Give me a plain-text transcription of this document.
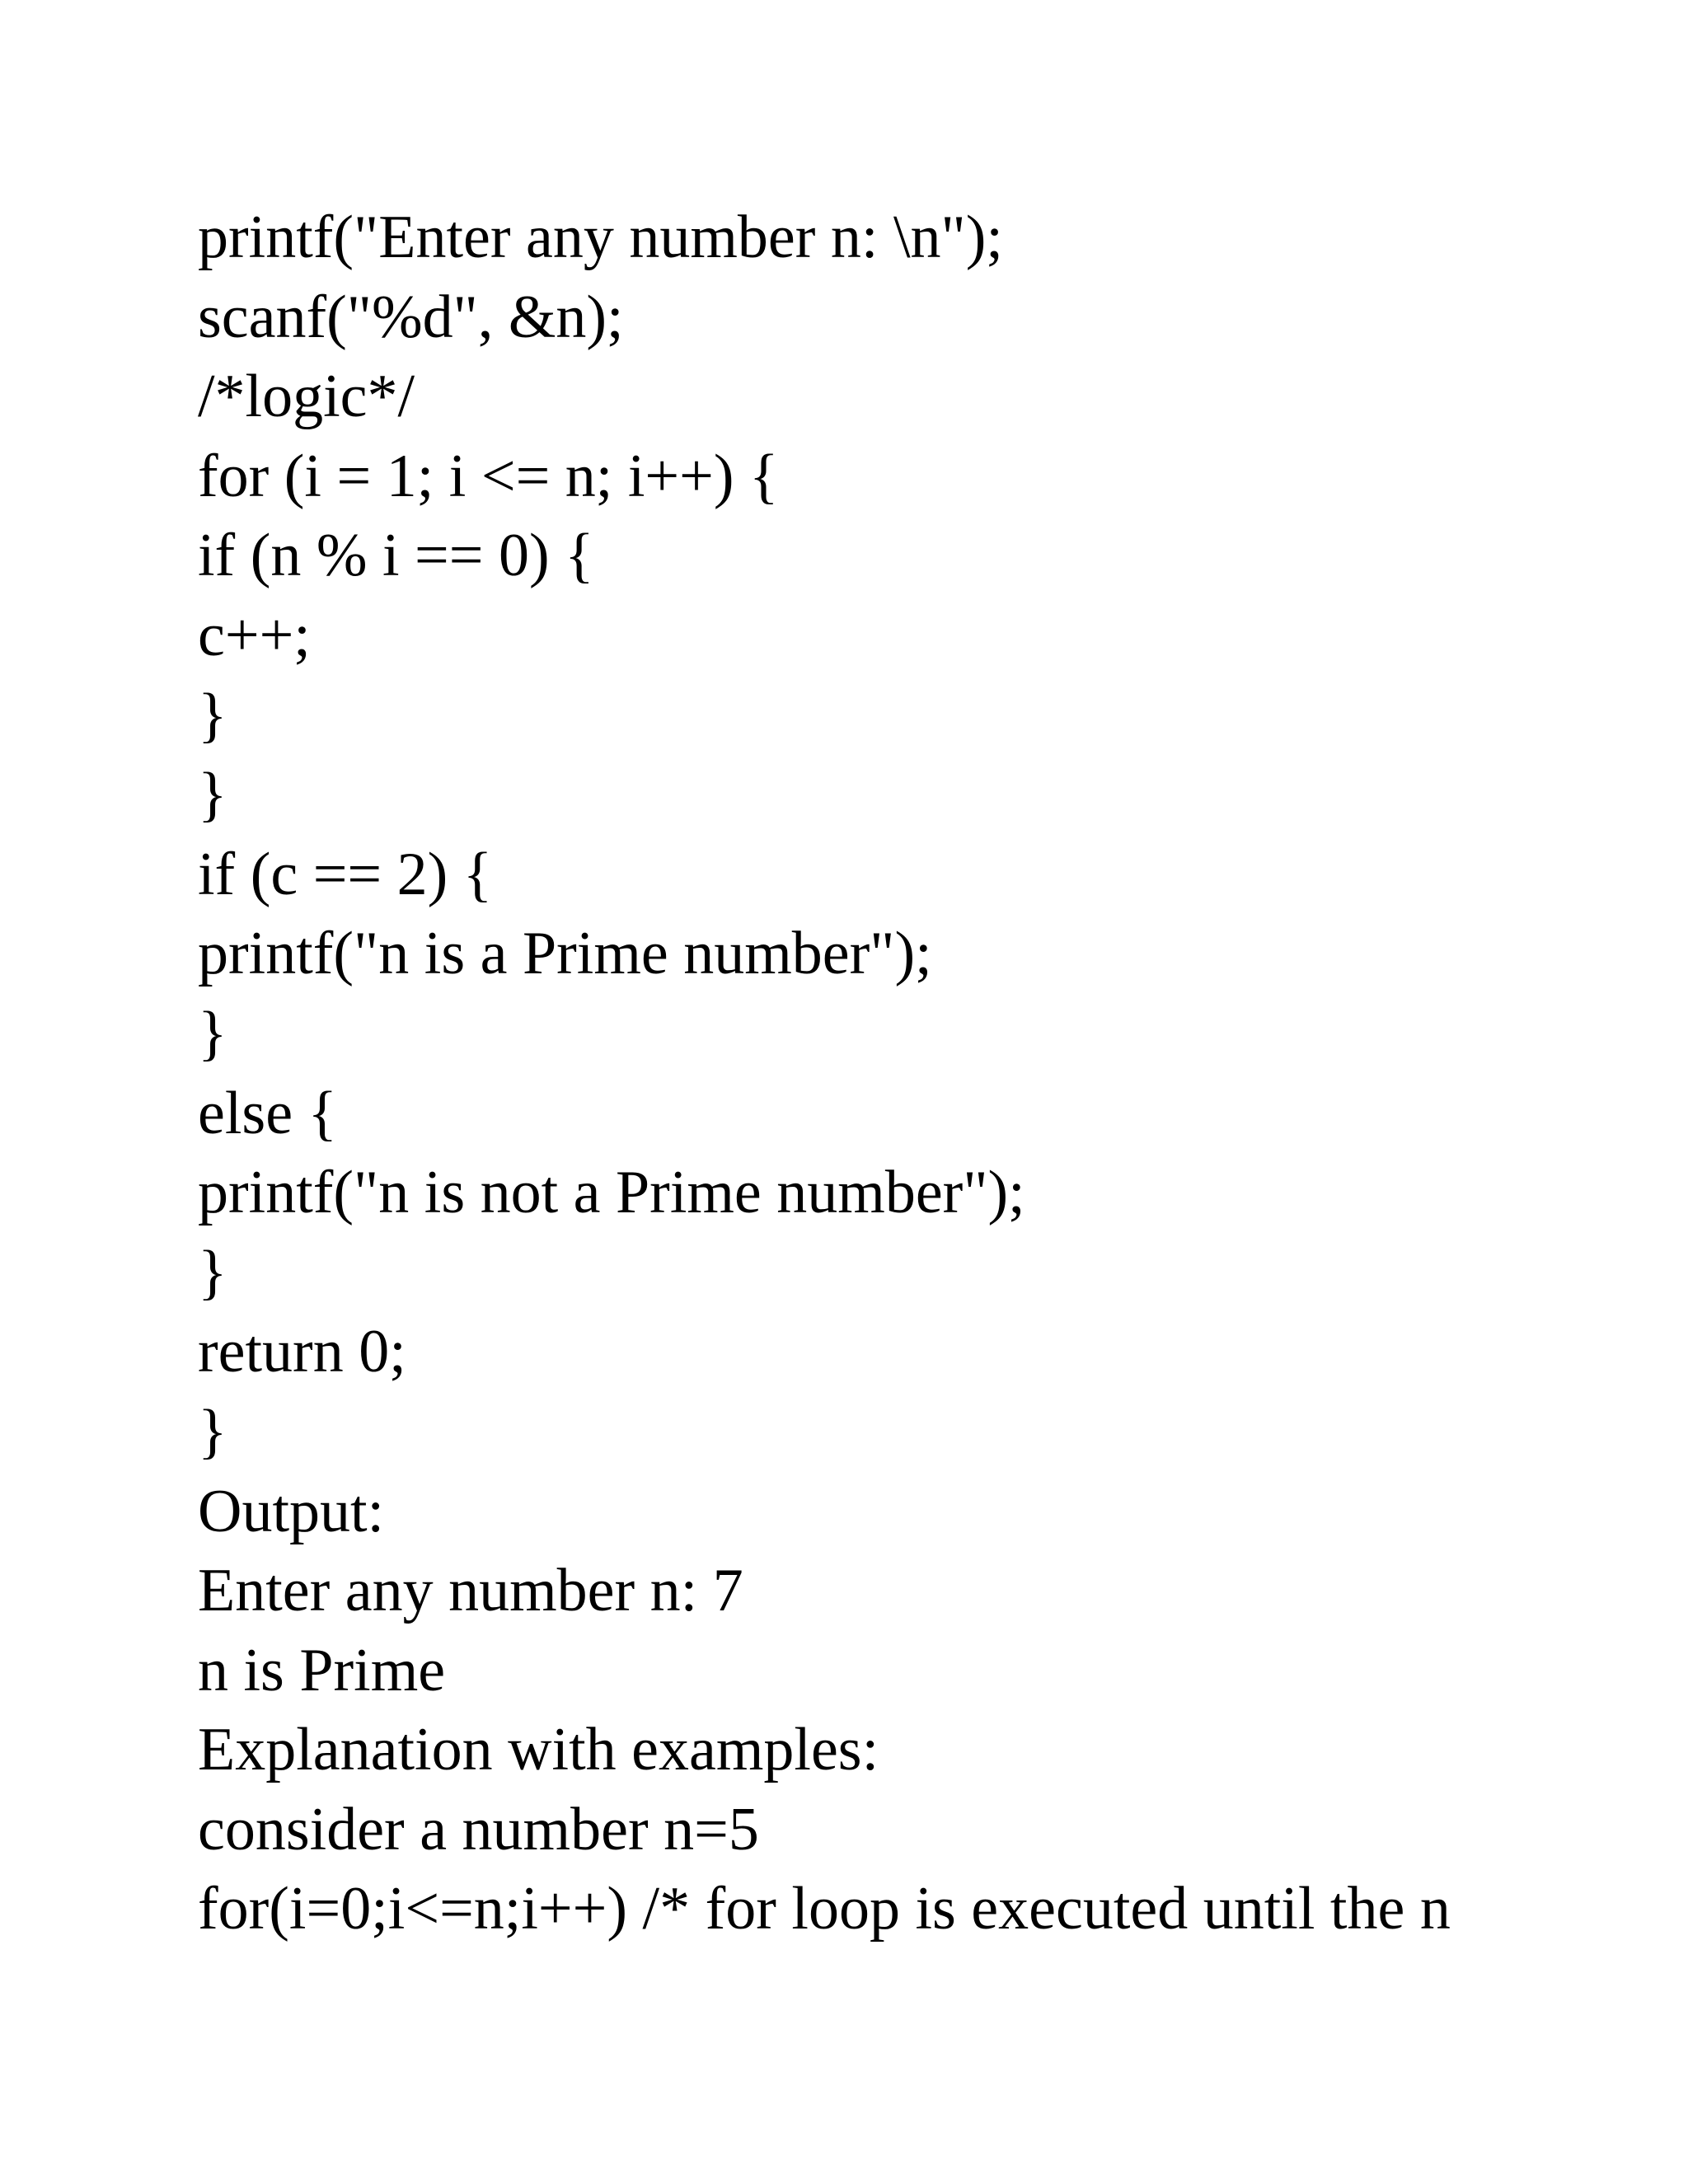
printf("Enter any number n: \n");

scanf("%d", &n);

/*logic*/

for (i = 1; i <= n; i++) {

if (n % i == 0) {

c++;

}

}

if (c == 2) {

printf("n is a Prime number");

}

else {

printf("n is not a Prime number");

}

return 0;

}

Output:

Enter any number n: 7

n is Prime

Explanation with examples:

consider a number n=5

for(i=0;i<=n;i++) /* for loop is executed until the n
